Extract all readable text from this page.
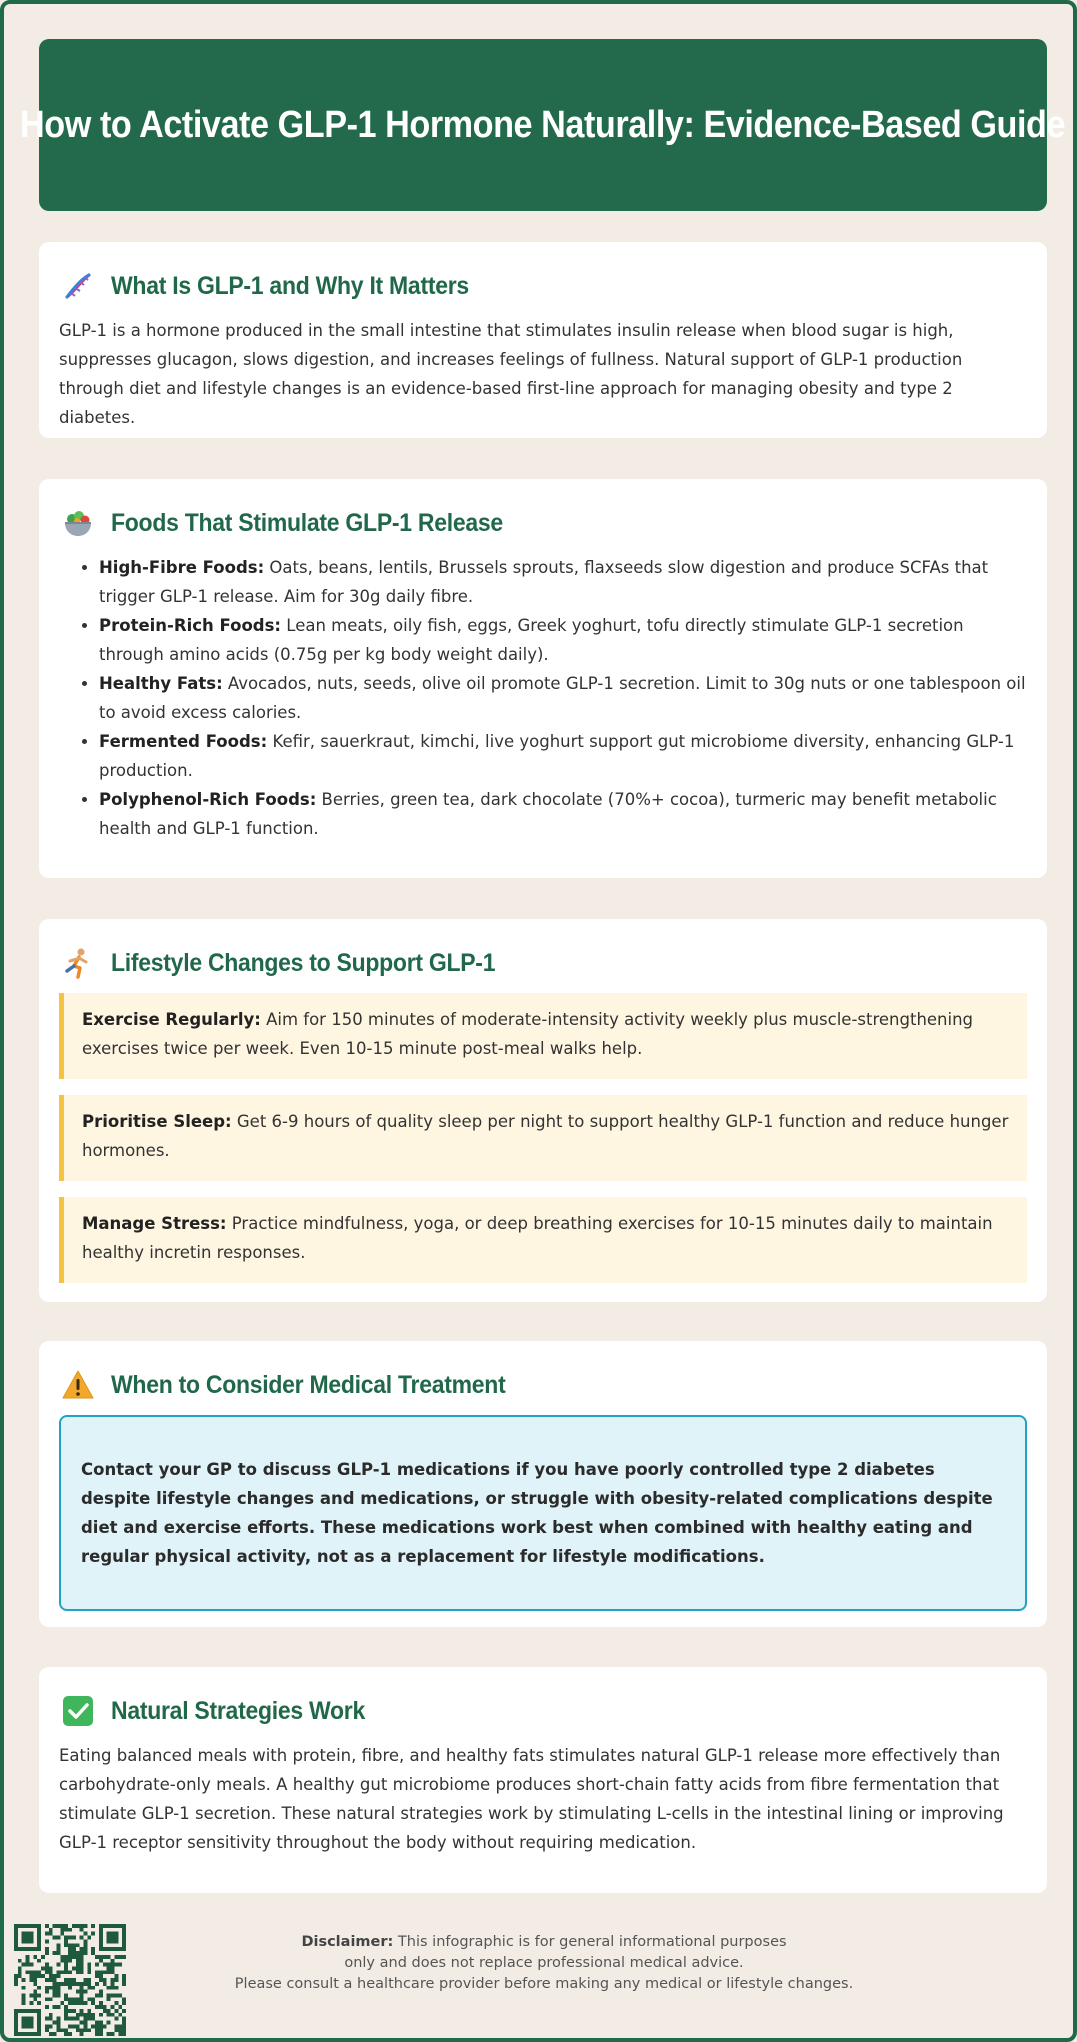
How to Activate GLP-1 Hormone Naturally: Evidence-Based Guide
What Is GLP-1 and Why It Matters

GLP-1 is a hormone produced in the small intestine that stimulates insulin release when blood sugar is high, suppresses glucagon, slows digestion, and increases feelings of fullness. Natural support of GLP-1 production through diet and lifestyle changes is an evidence-based first-line approach for managing obesity and type 2 diabetes.

Foods That Stimulate GLP-1 Release
• High-Fibre Foods: Oats, beans, lentils, Brussels sprouts, flaxseeds slow digestion and produce SCFAs that trigger GLP-1 release. Aim for 30g daily fibre.
• Protein-Rich Foods: Lean meats, oily fish, eggs, Greek yoghurt, tofu directly stimulate GLP-1 secretion through amino acids (0.75g per kg body weight daily).
• Healthy Fats: Avocados, nuts, seeds, olive oil promote GLP-1 secretion. Limit to 30g nuts or one tablespoon oil to avoid excess calories.
• Fermented Foods: Kefir, sauerkraut, kimchi, live yoghurt support gut microbiome diversity, enhancing GLP-1 production.
• Polyphenol-Rich Foods: Berries, green tea, dark chocolate (70%+ cocoa), turmeric may benefit metabolic health and GLP-1 function.
Lifestyle Changes to Support GLP-1
Exercise Regularly: Aim for 150 minutes of moderate-intensity activity weekly plus muscle-strengthening exercises twice per week. Even 10-15 minute post-meal walks help.
Prioritise Sleep: Get 6-9 hours of quality sleep per night to support healthy GLP-1 function and reduce hunger hormones.
Manage Stress: Practice mindfulness, yoga, or deep breathing exercises for 10-15 minutes daily to maintain healthy incretin responses.
When to Consider Medical Treatment
Contact your GP to discuss GLP-1 medications if you have poorly controlled type 2 diabetes despite lifestyle changes and medications, or struggle with obesity-related complications despite diet and exercise efforts. These medications work best when combined with healthy eating and regular physical activity, not as a replacement for lifestyle modifications.
Natural Strategies Work

Eating balanced meals with protein, fibre, and healthy fats stimulates natural GLP-1 release more effectively than carbohydrate-only meals. A healthy gut microbiome produces short-chain fatty acids from fibre fermentation that stimulate GLP-1 secretion. These natural strategies work by stimulating L-cells in the intestinal lining or improving GLP-1 receptor sensitivity throughout the body without requiring medication.

Disclaimer: This infographic is for general informational purposes
only and does not replace professional medical advice.
Please consult a healthcare provider before making any medical or lifestyle changes.
